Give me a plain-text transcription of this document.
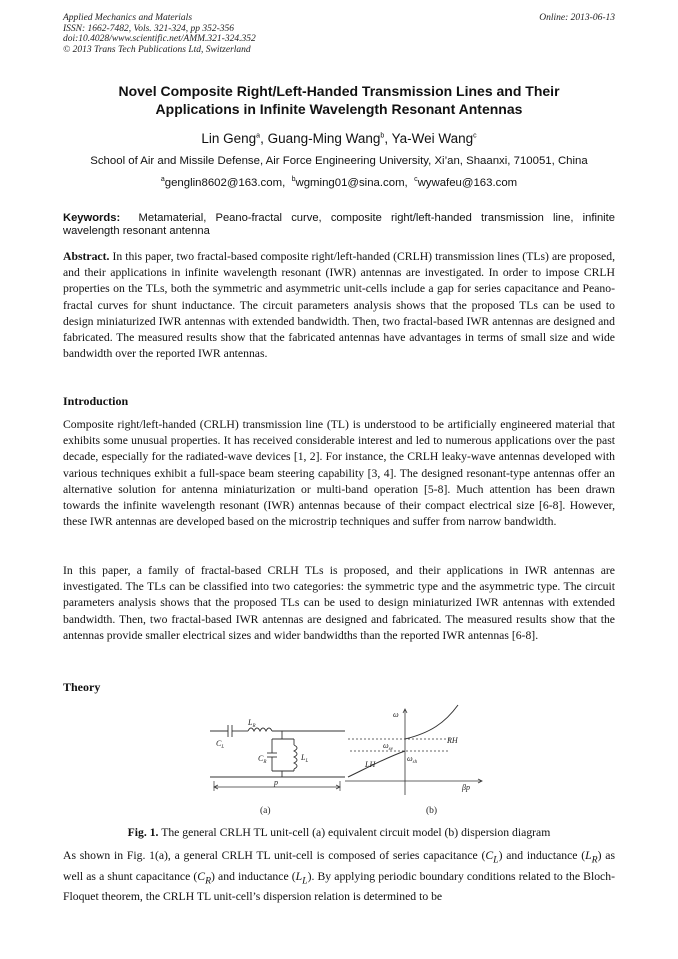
Applied Mechanics and Materials
ISSN: 1662-7482, Vols. 321-324, pp 352-356
doi:10.4028/www.scientific.net/AMM.321-324.352
© 2013 Trans Tech Publications Ltd, Switzerland
Online: 2013-06-13
Novel Composite Right/Left-Handed Transmission Lines and Their
Applications in Infinite Wavelength Resonant Antennas
Lin Geng$^a$, Guang-Ming Wang$^b$, Ya-Wei Wang$^c$
School of Air and Missile Defense, Air Force Engineering University, Xi’an, Shaanxi, 710051, China
$^a$genglin8602@163.com, $^b$wgming01@sina.com, $^c$wywafeu@163.com
Keywords: Metamaterial, Peano-fractal curve, composite right/left-handed transmission line, infinite wavelength resonant antenna
Abstract. In this paper, two fractal-based composite right/left-handed (CRLH) transmission lines (TLs) are proposed, and their applications in infinite wavelength resonant (IWR) antennas are investigated. In order to impose CRLH properties on the TLs, both the symmetric and asymmetric unit-cells include a gap for series capacitance and Peano-fractal curves for shunt inductance. The circuit parameters analysis shows that the proposed TLs can be used to design miniaturized IWR antennas with extended bandwidth. Then, two fractal-based IWR antennas are designed and fabricated. The measured results show that the fabricated antennas have advantages in terms of small size and wide bandwidth over the reported IWR antennas.
Introduction
Composite right/left-handed (CRLH) transmission line (TL) is understood to be artificially engineered material that exhibits some unusual properties. It has received considerable interest and led to numerous applications over the past decade, especially for the radiated-wave devices [1, 2]. For instance, the CRLH leaky-wave antennas developed with various techniques exhibit a full-space beam steering capability [3, 4]. The designed resonant-type antennas offer an alternative solution for antenna miniaturization or multi-band operation [5-8]. Much attention has been drawn towards the infinite wavelength resonant (IWR) antennas because of their compact electrical size [6-8]. However, these IWR antennas are developed based on the microstrip techniques and suffer from narrow bandwidth.
In this paper, a family of fractal-based CRLH TLs is proposed, and their applications in IWR antennas are investigated. The TLs can be classified into two categories: the symmetric type and the asymmetric type. The circuit parameters analysis shows that the proposed TLs can be used to design miniaturized IWR antennas with extended bandwidth. Then, two fractal-based IWR antennas are designed and fabricated. The measured results show that the antennas provide smaller electrical sizes and wider bandwidths than the reported IWR antennas [6-8].
Theory
$C_L$
$L_R$
$C_R$
$L_L$
p
(a)
ω
$\omega_{se}$
$\omega_{sh}$
RH
LH
βp
(b)
Fig. 1. The general CRLH TL unit-cell (a) equivalent circuit model (b) dispersion diagram
As shown in Fig. 1(a), a general CRLH TL unit-cell is composed of series capacitance $(C_L)$ and inductance $(L_R)$ as well as a shunt capacitance $(C_R)$ and inductance $(L_L)$. By applying periodic boundary conditions related to the Bloch-Floquet theorem, the CRLH TL unit-cell’s dispersion relation is determined to be
